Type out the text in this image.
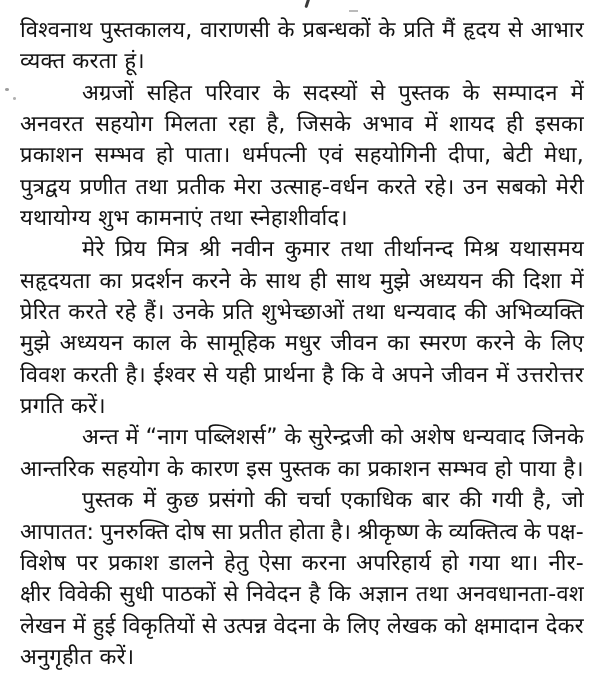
विश्वनाथ पुस्तकालय, वाराणसी के प्रबन्धकों के प्रति मैं हृदय से आभार
व्यक्त करता हूं।
अग्रजों सहित परिवार के सदस्यों से पुस्तक के सम्पादन में
अनवरत सहयोग मिलता रहा है, जिसके अभाव में शायद ही इसका
प्रकाशन सम्भव हो पाता। धर्मपत्नी एवं सहयोगिनी दीपा, बेटी मेधा,
पुत्रद्वय प्रणीत तथा प्रतीक मेरा उत्साह-वर्धन करते रहे। उन सबको मेरी
यथायोग्य शुभ कामनाएं तथा स्नेहाशीर्वाद।
मेरे प्रिय मित्र श्री नवीन कुमार तथा तीर्थानन्द मिश्र यथासमय
सहृदयता का प्रदर्शन करने के साथ ही साथ मुझे अध्ययन की दिशा में
प्रेरित करते रहे हैं। उनके प्रति शुभेच्छाओं तथा धन्यवाद की अभिव्यक्ति
मुझे अध्ययन काल के सामूहिक मधुर जीवन का स्मरण करने के लिए
विवश करती है। ईश्वर से यही प्रार्थना है कि वे अपने जीवन में उत्तरोत्तर
प्रगति करें।
अन्त में “नाग पब्लिशर्स” के सुरेन्द्रजी को अशेष धन्यवाद जिनके
आन्तरिक सहयोग के कारण इस पुस्तक का प्रकाशन सम्भव हो पाया है।
पुस्तक में कुछ प्रसंगो की चर्चा एकाधिक बार की गयी है, जो
आपातत: पुनरुक्ति दोष सा प्रतीत होता है। श्रीकृष्ण के व्यक्तित्व के पक्ष-
विशेष पर प्रकाश डालने हेतु ऐसा करना अपरिहार्य हो गया था। नीर-
क्षीर विवेकी सुधी पाठकों से निवेदन है कि अज्ञान तथा अनवधानता-वश
लेखन में हुई विकृतियों से उत्पन्न वेदना के लिए लेखक को क्षमादान देकर
अनुगृहीत करें।
